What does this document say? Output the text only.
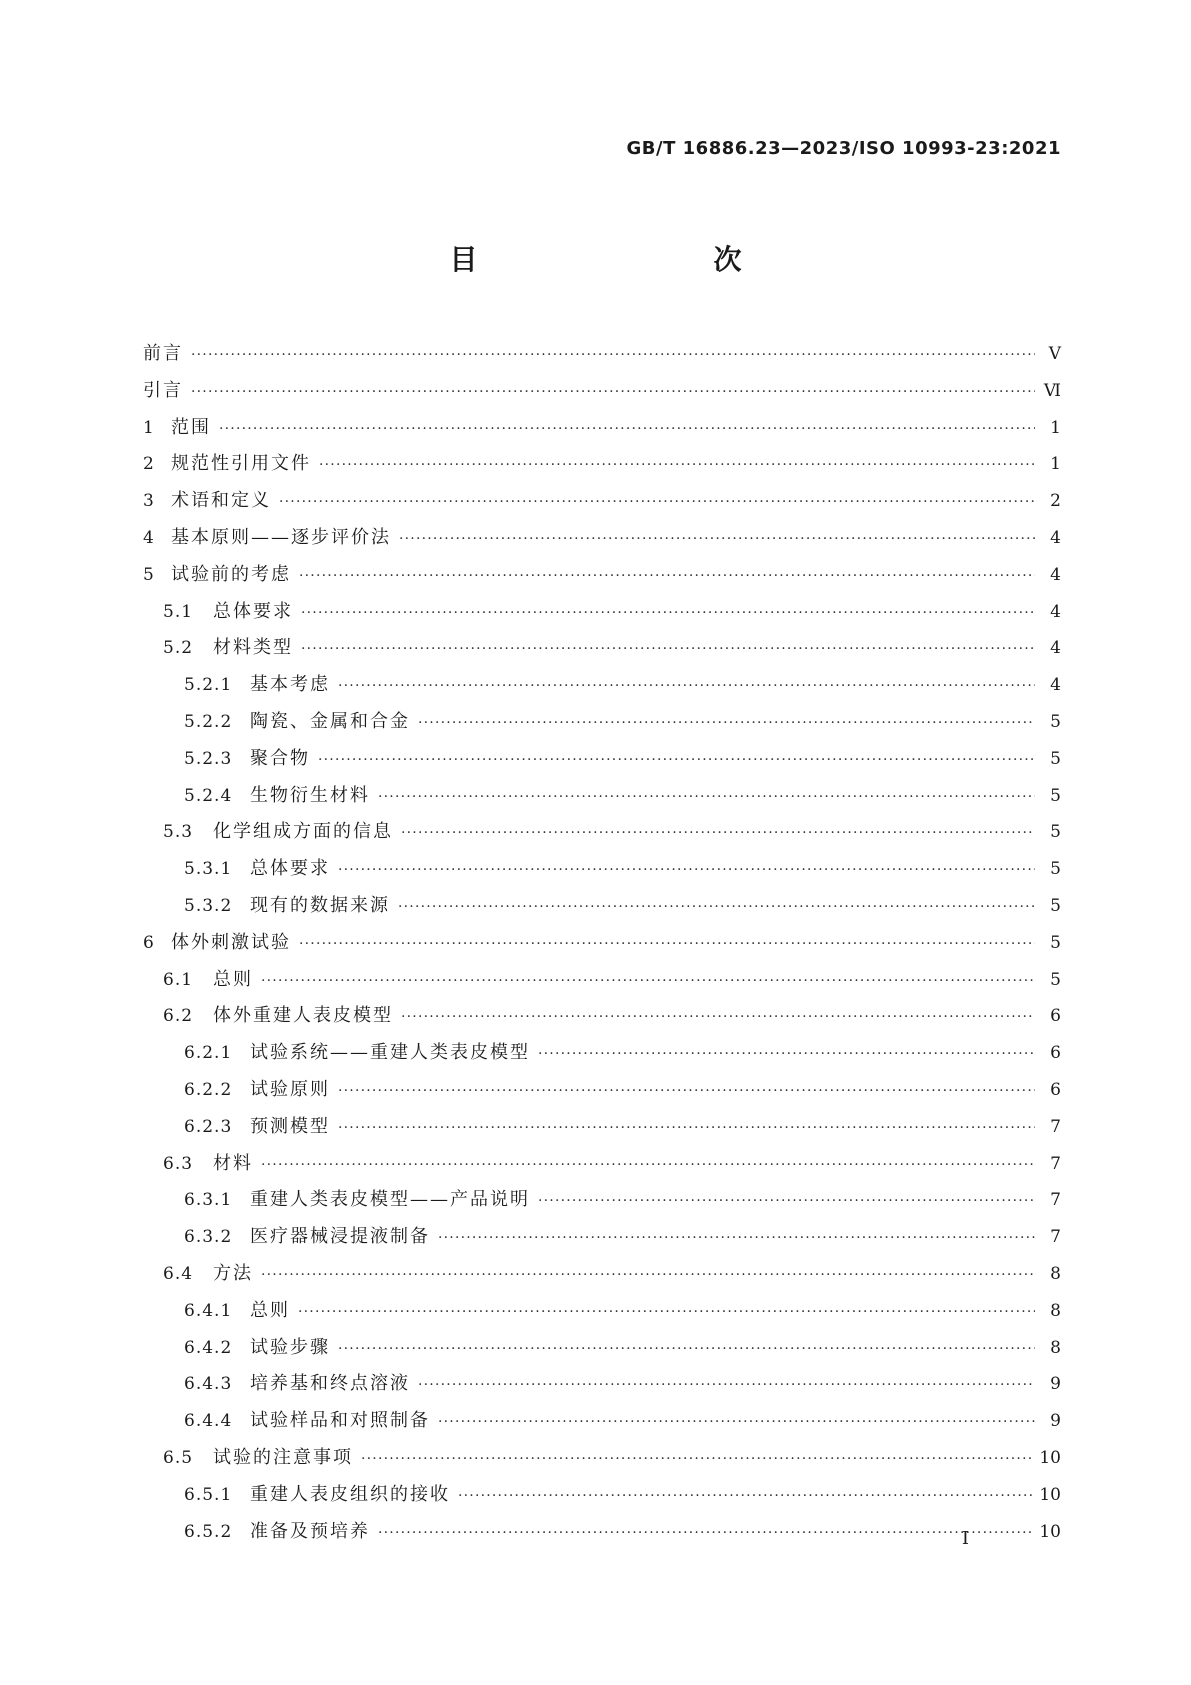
GB/T 16886.23—2023/ISO 10993-23:2021
目　　次
前言 ·····	Ⅴ
引言 ·····	Ⅵ
1 范围 ·····	1
2 规范性引用文件 ·····	1
3 术语和定义 ·····	2
4 基本原则——逐步评价法 ·····	4
5 试验前的考虑 ·····	4
5.1	总体要求 ·····	4
5.2	材料类型 ·····	4
5.2.1 基本考虑 ·····	4
5.2.2 陶瓷、金属和合金 ·····	5
5.2.3 聚合物 ·····	5
5.2.4 生物衍生材料 ·····	5
5.3	化学组成方面的信息 ·····	5
5.3.1 总体要求 ·····	5
5.3.2 现有的数据来源 ·····	5
6 体外刺激试验 ·····	5
6.1	总则 ·····	5
6.2	体外重建人表皮模型 ·····	6
6.2.1 试验系统——重建人类表皮模型 ·····	6
6.2.2 试验原则 ·····	6
6.2.3 预测模型 ·····	7
6.3	材料 ·····	7
6.3.1 重建人类表皮模型——产品说明 ·····	7
6.3.2 医疗器械浸提液制备 ·····	7
6.4	方法 ·····	8
6.4.1 总则 ·····	8
6.4.2 试验步骤 ·····	8
6.4.3 培养基和终点溶液 ·····	9
6.4.4 试验样品和对照制备 ·····	9
6.5	试验的注意事项 ·····	10
6.5.1 重建人表皮组织的接收 ·····	10
6.5.2 准备及预培养 ·····	10
Ⅰ
